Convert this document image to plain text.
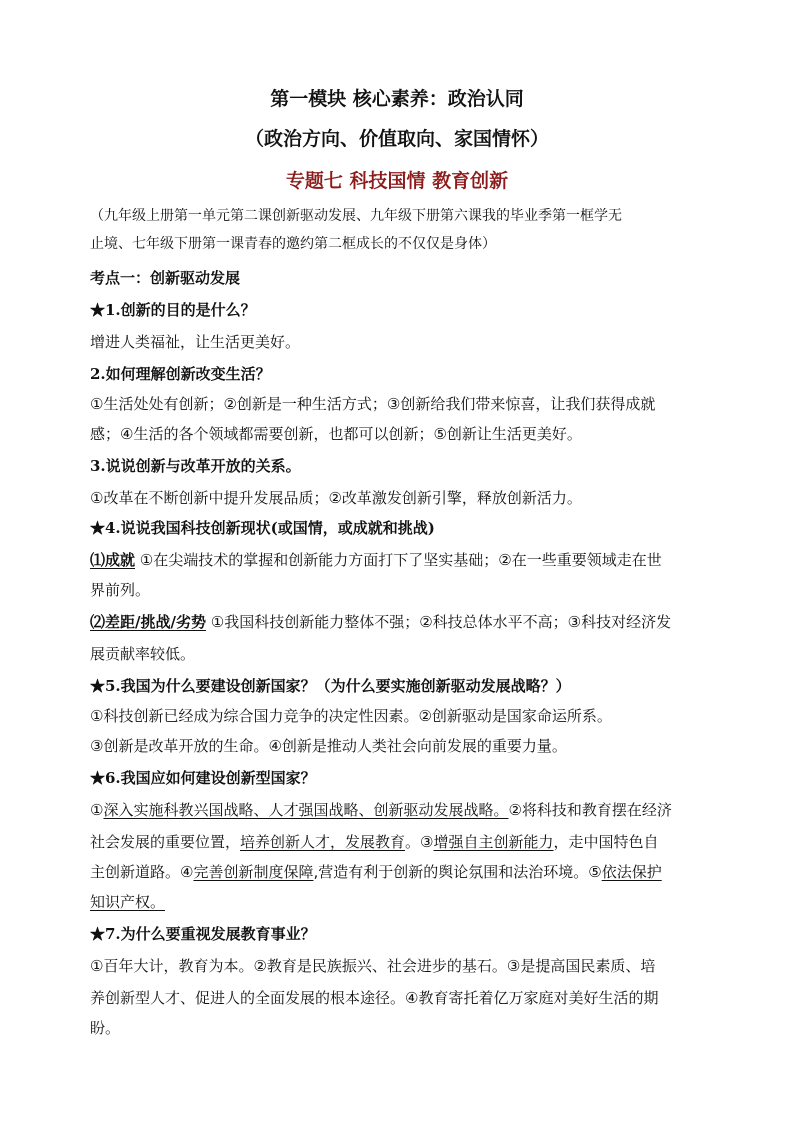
第一模块 核心素养：政治认同
（政治方向、价值取向、家国情怀）
专题七 科技国情 教育创新
（九年级上册第一单元第二课创新驱动发展、九年级下册第六课我的毕业季第一框学无
止境、七年级下册第一课青春的邀约第二框成长的不仅仅是身体）
考点一：创新驱动发展
★1.创新的目的是什么？
增进人类福祉，让生活更美好。
2.如何理解创新改变生活？
①生活处处有创新；②创新是一种生活方式；③创新给我们带来惊喜，让我们获得成就
感；④生活的各个领域都需要创新，也都可以创新；⑤创新让生活更美好。
3.说说创新与改革开放的关系。
①改革在不断创新中提升发展品质；②改革激发创新引擎，释放创新活力。
★4.说说我国科技创新现状(或国情，或成就和挑战)
⑴成就 ①在尖端技术的掌握和创新能力方面打下了坚实基础；②在一些重要领域走在世
界前列。
⑵差距/挑战/劣势 ①我国科技创新能力整体不强；②科技总体水平不高；③科技对经济发
展贡献率较低。
★5.我国为什么要建设创新国家？（为什么要实施创新驱动发展战略？）
①科技创新已经成为综合国力竞争的决定性因素。②创新驱动是国家命运所系。
③创新是改革开放的生命。④创新是推动人类社会向前发展的重要力量。
★6.我国应如何建设创新型国家？
①深入实施科教兴国战略、人才强国战略、创新驱动发展战略。②将科技和教育摆在经济
社会发展的重要位置，培养创新人才，发展教育。③增强自主创新能力，走中国特色自
主创新道路。④完善创新制度保障,营造有利于创新的舆论氛围和法治环境。⑤依法保护
知识产权。
★7.为什么要重视发展教育事业？
①百年大计，教育为本。②教育是民族振兴、社会进步的基石。③是提高国民素质、培
养创新型人才、促进人的全面发展的根本途径。④教育寄托着亿万家庭对美好生活的期
盼。
